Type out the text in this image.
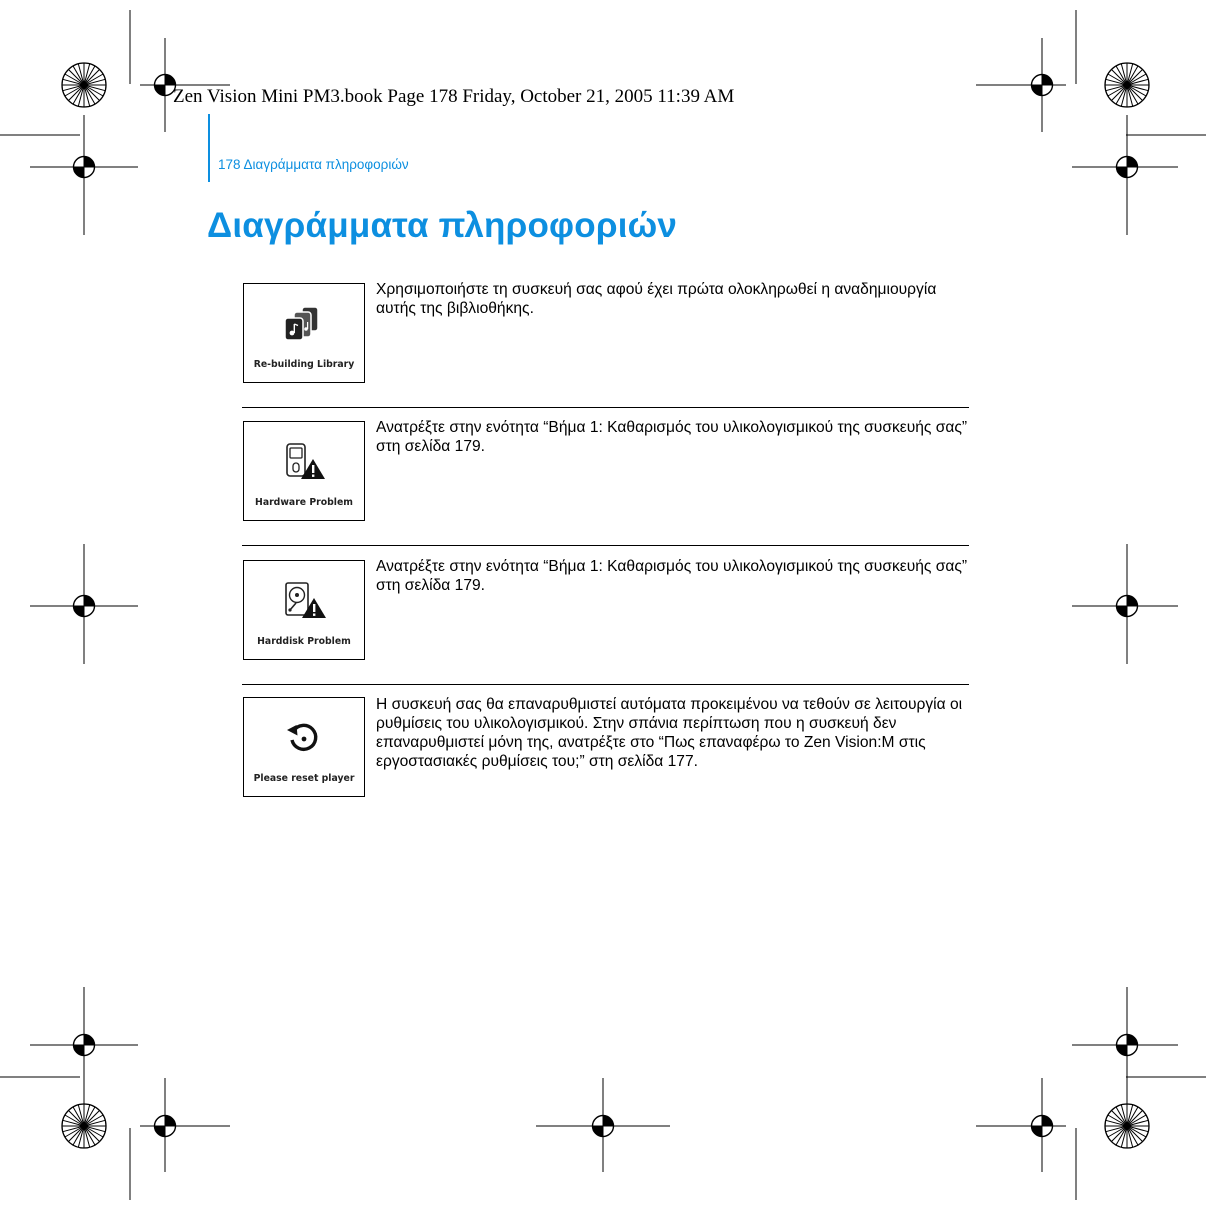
Zen Vision Mini PM3.book Page 178 Friday, October 21, 2005 11:39 AM
178 Διαγράμματα πληροφοριών
Διαγράμματα πληροφοριών
Re-building Library

Χρησιμοποιήστε τη συσκευή σας αφού έχει πρώτα ολοκληρωθεί η αναδημιουργία αυτής της βιβλιοθήκης.

Hardware Problem

Ανατρέξτε στην ενότητα “Βήμα 1: Καθαρισμός του υλικολογισμικού της συσκευής σας” στη σελίδα 179.

Harddisk Problem

Ανατρέξτε στην ενότητα “Βήμα 1: Καθαρισμός του υλικολογισμικού της συσκευής σας” στη σελίδα 179.

Please reset player

Η συσκευή σας θα επαναρυθμιστεί αυτόματα προκειμένου να τεθούν σε λειτουργία οι ρυθμίσεις του υλικολογισμικού. Στην σπάνια περίπτωση που η συσκευή δεν επαναρυθμιστεί μόνη της, ανατρέξτε στο “Πως επαναφέρω το Zen Vision:M στις εργοστασιακές ρυθμίσεις του;” στη σελίδα 177.
